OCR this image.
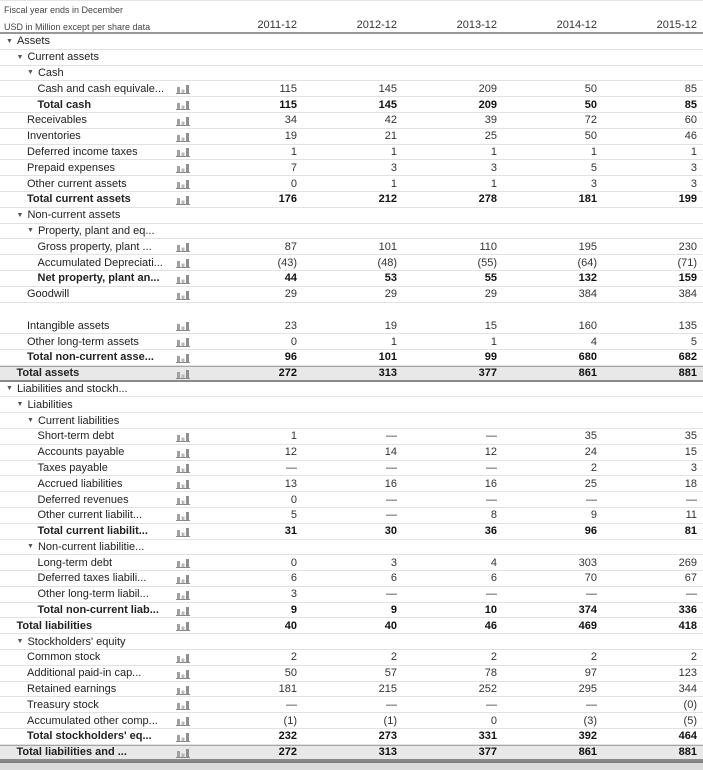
Fiscal year ends in December
USD in Million except per share data	2011-12	2012-12	2013-12	2014-12	2015-12
▼ Assets
▼ Current assets
▼ Cash
Cash and cash equivale...	115	145	209	50	85
Total cash	115	145	209	50	85
Receivables	34	42	39	72	60
Inventories	19	21	25	50	46
Deferred income taxes	1	1	1	1	1
Prepaid expenses	7	3	3	5	3
Other current assets	0	1	1	3	3
Total current assets	176	212	278	181	199
▼ Non-current assets
▼ Property, plant and eq...
Gross property, plant ...	87	101	110	195	230
Accumulated Depreciati...	(43)	(48)	(55)	(64)	(71)
Net property, plant an...	44	53	55	132	159
Goodwill	29	29	29	384	384
Intangible assets	23	19	15	160	135
Other long-term assets	0	1	1	4	5
Total non-current asse...	96	101	99	680	682
Total assets	272	313	377	861	881
▼ Liabilities and stockh...
▼ Liabilities
▼ Current liabilities
Short-term debt	1	—	—	35	35
Accounts payable	12	14	12	24	15
Taxes payable	—	—	—	2	3
Accrued liabilities	13	16	16	25	18
Deferred revenues	0	—	—	—	—
Other current liabilit...	5	—	8	9	11
Total current liabilit...	31	30	36	96	81
▼ Non-current liabilitie...
Long-term debt	0	3	4	303	269
Deferred taxes liabili...	6	6	6	70	67
Other long-term liabil...	3	—	—	—	—
Total non-current liab...	9	9	10	374	336
Total liabilities	40	40	46	469	418
▼ Stockholders' equity
Common stock	2	2	2	2	2
Additional paid-in cap...	50	57	78	97	123
Retained earnings	181	215	252	295	344
Treasury stock	—	—	—	—	(0)
Accumulated other comp...	(1)	(1)	0	(3)	(5)
Total stockholders' eq...	232	273	331	392	464
Total liabilities and ...	272	313	377	861	881
